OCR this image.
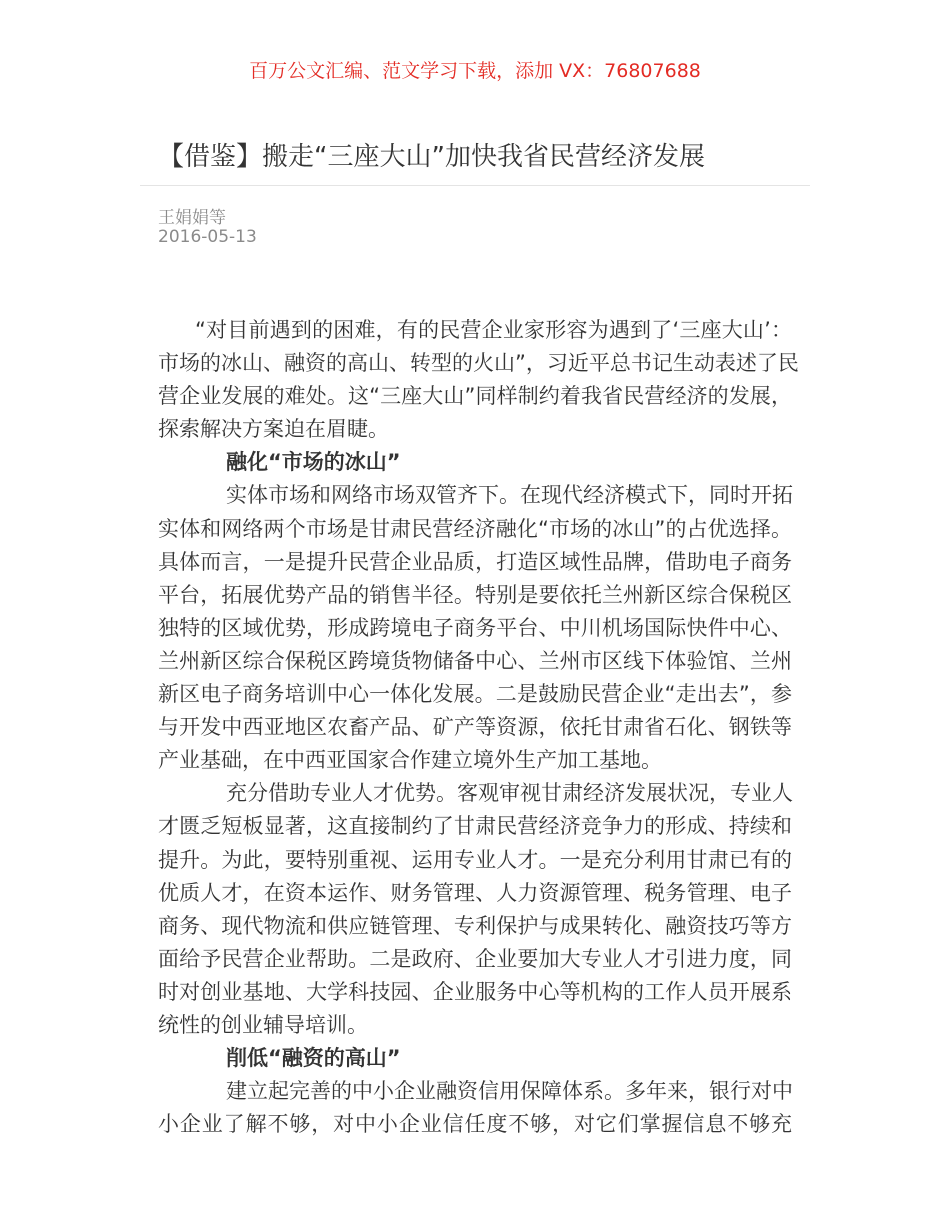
百万公文汇编、范文学习下载，添加 VX：76807688
【借鉴】搬走“三座大山”加快我省民营经济发展
王娟娟等
2016-05-13
“对目前遇到的困难，有的民营企业家形容为遇到了‘三座大山’：
市场的冰山、融资的高山、转型的火山”，习近平总书记生动表述了民
营企业发展的难处。这“三座大山”同样制约着我省民营经济的发展，
探索解决方案迫在眉睫。
融化“市场的冰山”
实体市场和网络市场双管齐下。在现代经济模式下，同时开拓
实体和网络两个市场是甘肃民营经济融化“市场的冰山”的占优选择。
具体而言，一是提升民营企业品质，打造区域性品牌，借助电子商务
平台，拓展优势产品的销售半径。特别是要依托兰州新区综合保税区
独特的区域优势，形成跨境电子商务平台、中川机场国际快件中心、
兰州新区综合保税区跨境货物储备中心、兰州市区线下体验馆、兰州
新区电子商务培训中心一体化发展。二是鼓励民营企业“走出去”，参
与开发中西亚地区农畜产品、矿产等资源，依托甘肃省石化、钢铁等
产业基础，在中西亚国家合作建立境外生产加工基地。
充分借助专业人才优势。客观审视甘肃经济发展状况，专业人
才匮乏短板显著，这直接制约了甘肃民营经济竞争力的形成、持续和
提升。为此，要特别重视、运用专业人才。一是充分利用甘肃已有的
优质人才，在资本运作、财务管理、人力资源管理、税务管理、电子
商务、现代物流和供应链管理、专利保护与成果转化、融资技巧等方
面给予民营企业帮助。二是政府、企业要加大专业人才引进力度，同
时对创业基地、大学科技园、企业服务中心等机构的工作人员开展系
统性的创业辅导培训。
削低“融资的高山”
建立起完善的中小企业融资信用保障体系。多年来，银行对中
小企业了解不够，对中小企业信任度不够，对它们掌握信息不够充
